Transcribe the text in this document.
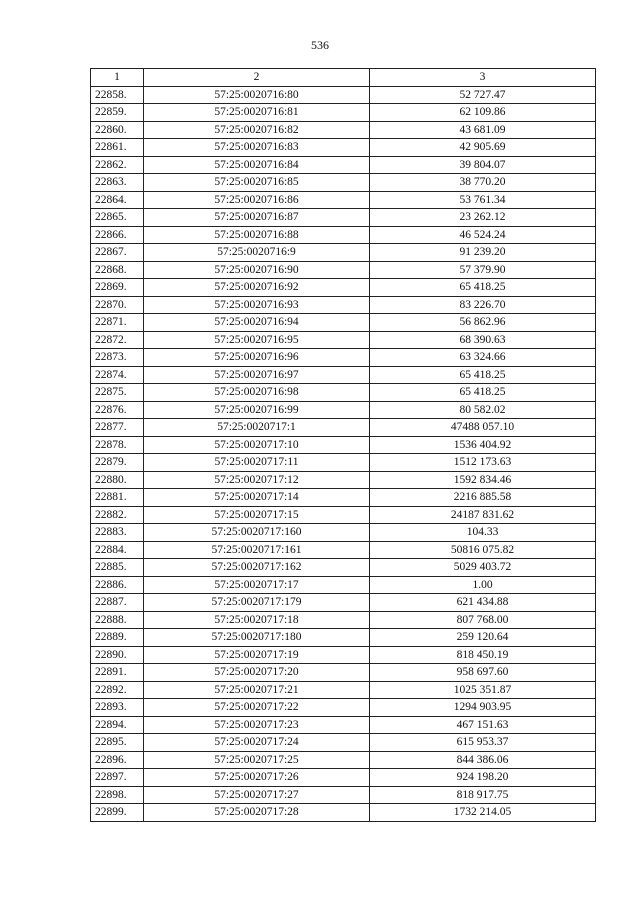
536
1	2	3
22858.	57:25:0020716:80	52 727.47
22859.	57:25:0020716:81	62 109.86
22860.	57:25:0020716:82	43 681.09
22861.	57:25:0020716:83	42 905.69
22862.	57:25:0020716:84	39 804.07
22863.	57:25:0020716:85	38 770.20
22864.	57:25:0020716:86	53 761.34
22865.	57:25:0020716:87	23 262.12
22866.	57:25:0020716:88	46 524.24
22867.	57:25:0020716:9	91 239.20
22868.	57:25:0020716:90	57 379.90
22869.	57:25:0020716:92	65 418.25
22870.	57:25:0020716:93	83 226.70
22871.	57:25:0020716:94	56 862.96
22872.	57:25:0020716:95	68 390.63
22873.	57:25:0020716:96	63 324.66
22874.	57:25:0020716:97	65 418.25
22875.	57:25:0020716:98	65 418.25
22876.	57:25:0020716:99	80 582.02
22877.	57:25:0020717:1	47488 057.10
22878.	57:25:0020717:10	1536 404.92
22879.	57:25:0020717:11	1512 173.63
22880.	57:25:0020717:12	1592 834.46
22881.	57:25:0020717:14	2216 885.58
22882.	57:25:0020717:15	24187 831.62
22883.	57:25:0020717:160	104.33
22884.	57:25:0020717:161	50816 075.82
22885.	57:25:0020717:162	5029 403.72
22886.	57:25:0020717:17	1.00
22887.	57:25:0020717:179	621 434.88
22888.	57:25:0020717:18	807 768.00
22889.	57:25:0020717:180	259 120.64
22890.	57:25:0020717:19	818 450.19
22891.	57:25:0020717:20	958 697.60
22892.	57:25:0020717:21	1025 351.87
22893.	57:25:0020717:22	1294 903.95
22894.	57:25:0020717:23	467 151.63
22895.	57:25:0020717:24	615 953.37
22896.	57:25:0020717:25	844 386.06
22897.	57:25:0020717:26	924 198.20
22898.	57:25:0020717:27	818 917.75
22899.	57:25:0020717:28	1732 214.05
